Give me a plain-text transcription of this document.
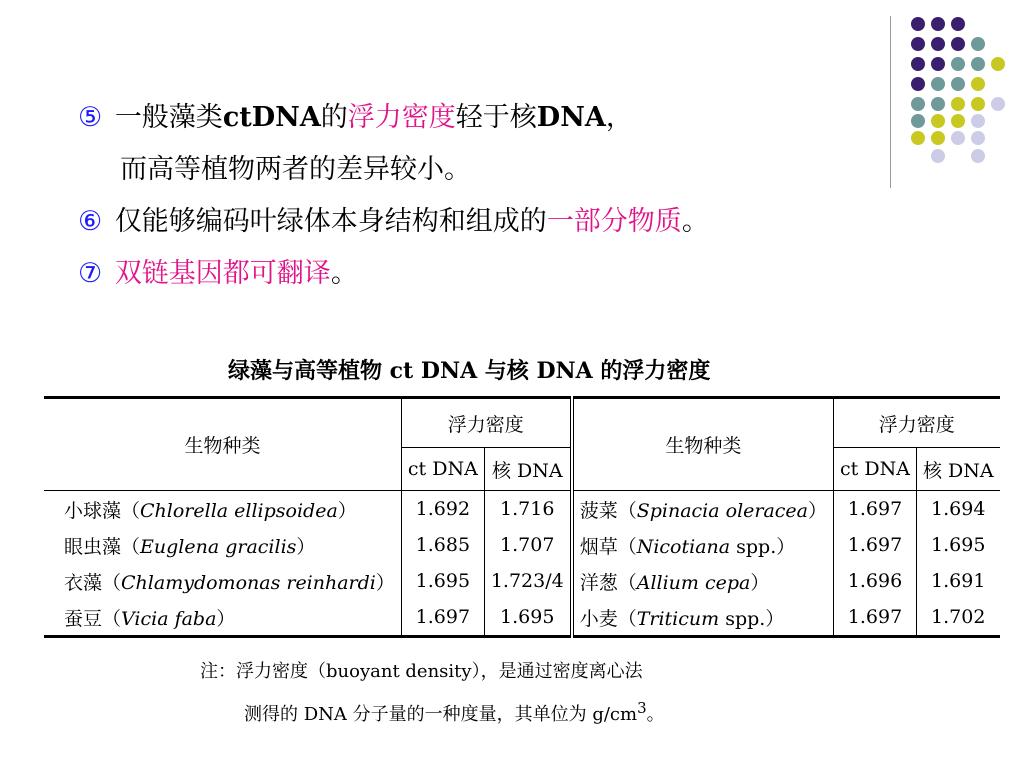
⑤ 一般藻类ctDNA的浮力密度轻于核DNA，
而高等植物两者的差异较小。
⑥ 仅能够编码叶绿体本身结构和组成的一部分物质。
⑦ 双链基因都可翻译。
绿藻与高等植物 ct DNA 与核 DNA 的浮力密度
生物种类	浮力密度		生物种类	浮力密度	
	ct DNA	核 DNA		ct DNA	核 DNA
小球藻（Chlorella ellipsoidea）	1.692	1.716	菠菜（Spinacia oleracea）	1.697	1.694
眼虫藻（Euglena gracilis）	1.685	1.707	烟草（Nicotiana spp.）	1.697	1.695
衣藻（Chlamydomonas reinhardi）	1.695	1.723/4	洋葱（Allium cepa）	1.696	1.691
蚕豆（Vicia faba）	1.697	1.695	小麦（Triticum spp.）	1.697	1.702
注：浮力密度（buoyant density），是通过密度离心法
测得的 DNA 分子量的一种度量，其单位为 $g/cm^3$。
